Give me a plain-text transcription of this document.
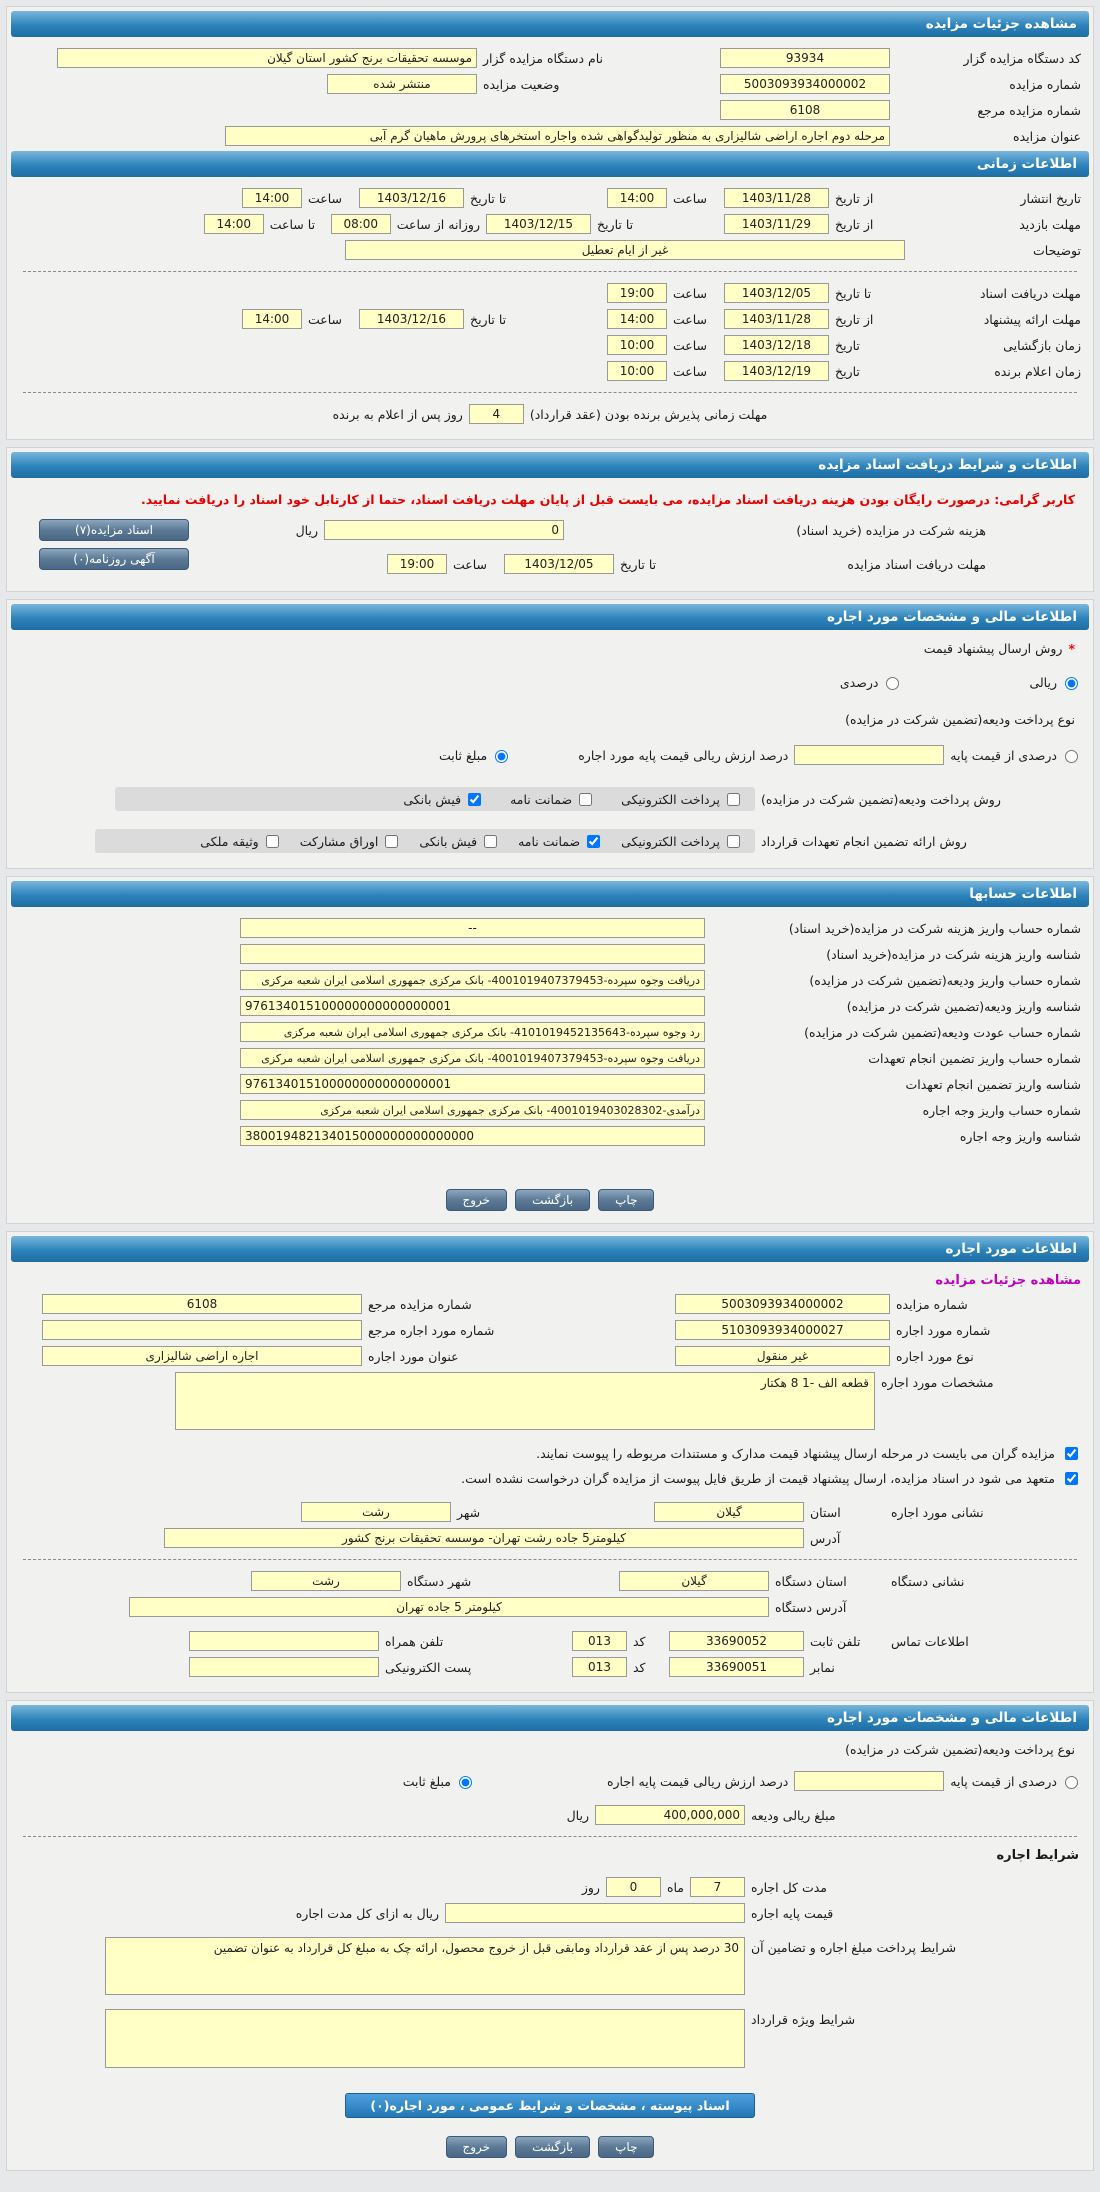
مشاهده جزئیات مزایده
کد دستگاه مزایده گزار
93934
نام دستگاه مزایده گزار
موسسه تحقیقات برنج کشور استان گیلان
شماره مزایده
5003093934000002
وضعیت مزایده
منتشر شده
شماره مزایده مرجع
6108
عنوان مزایده
مرحله دوم اجاره اراضی شالیزاری به منظور تولیدگواهی شده واجاره استخرهای پرورش ماهیان گرم آبی
اطلاعات زمانی
تاریخ انتشار
از تاریخ
1403/11/28
ساعت
14:00
تا تاریخ
1403/12/16
ساعت
14:00
مهلت بازدید
از تاریخ
1403/11/29
تا تاریخ
1403/12/15
روزانه از ساعت
08:00
تا ساعت
14:00
توضیحات
غیر از ایام تعطیل
مهلت دریافت اسناد
تا تاریخ
1403/12/05
ساعت
19:00
مهلت ارائه پیشنهاد
از تاریخ
1403/11/28
ساعت
14:00
تا تاریخ
1403/12/16
ساعت
14:00
زمان بازگشایی
تاریخ
1403/12/18
ساعت
10:00
زمان اعلام برنده
تاریخ
1403/12/19
ساعت
10:00
مهلت زمانی پذیرش برنده بودن (عقد قرارداد)
4
روز پس از اعلام به برنده
اطلاعات و شرایط دریافت اسناد مزایده
کاربر گرامی: درصورت رایگان بودن هزینه دریافت اسناد مزایده، می بایست قبل از پایان مهلت دریافت اسناد، حتما از کارتابل خود اسناد را دریافت نمایید.
هزینه شرکت در مزایده (خرید اسناد)
0
ریال
مهلت دریافت اسناد مزایده
تا تاریخ
1403/12/05
ساعت
19:00
اسناد مزایده(۷)
آگهی روزنامه(۰)
اطلاعات مالی و مشخصات مورد اجاره
*
روش ارسال پیشنهاد قیمت
ریالی
درصدی
نوع پرداخت ودیعه(تضمین شرکت در مزایده)
درصدی از قیمت پایه
درصد ارزش ریالی قیمت پایه مورد اجاره
مبلغ ثابت
روش پرداخت ودیعه(تضمین شرکت در مزایده)
پرداخت الکترونیکی
ضمانت نامه
فیش بانکی
روش ارائه تضمین انجام تعهدات قرارداد
پرداخت الکترونیکی
ضمانت نامه
فیش بانکی
اوراق مشارکت
وثیقه ملکی
اطلاعات حسابها
شماره حساب واریز هزینه شرکت در مزایده(خرید اسناد)
--
شناسه واریز هزینه شرکت در مزایده(خرید اسناد)
شماره حساب واریز ودیعه(تضمین شرکت در مزایده)
دریافت وجوه سپرده-4001019407379453- بانک مرکزی جمهوری اسلامی ایران شعبه مرکزی
شناسه واریز ودیعه(تضمین شرکت در مزایده)
976134015100000000000000001
شماره حساب عودت ودیعه(تضمین شرکت در مزایده)
رد وجوه سپرده-4101019452135643- بانک مرکزی جمهوری اسلامی ایران شعبه مرکزی
شماره حساب واریز تضمین انجام تعهدات
دریافت وجوه سپرده-4001019407379453- بانک مرکزی جمهوری اسلامی ایران شعبه مرکزی
شناسه واریز تضمین انجام تعهدات
976134015100000000000000001
شماره حساب واریز وجه اجاره
درآمدی-4001019403028302- بانک مرکزی جمهوری اسلامی ایران شعبه مرکزی
شناسه واریز وجه اجاره
380019482134015000000000000000
چاپ
بازگشت
خروج
اطلاعات مورد اجاره
مشاهده جزئیات مزایده
شماره مزایده
5003093934000002
شماره مزایده مرجع
6108
شماره مورد اجاره
5103093934000027
شماره مورد اجاره مرجع
نوع مورد اجاره
غیر منقول
عنوان مورد اجاره
اجاره اراضی شالیزاری
مشخصات مورد اجاره
قطعه الف -1 8 هکتار
مزایده گران می بایست در مرحله ارسال پیشنهاد قیمت مدارک و مستندات مربوطه را پیوست نمایند.
متعهد می شود در اسناد مزایده، ارسال پیشنهاد قیمت از طریق فایل پیوست از مزایده گران درخواست نشده است.
نشانی مورد اجاره
استان
گیلان
شهر
رشت
آدرس
کیلومتر5 جاده رشت تهران- موسسه تحقیقات برنج کشور
نشانی دستگاه
استان دستگاه
گیلان
شهر دستگاه
رشت
آدرس دستگاه
کیلومتر 5 جاده تهران
اطلاعات تماس
تلفن ثابت
33690052
کد
013
تلفن همراه
نمابر
33690051
کد
013
پست الکترونیکی
اطلاعات مالی و مشخصات مورد اجاره
نوع پرداخت ودیعه(تضمین شرکت در مزایده)
درصدی از قیمت پایه
درصد ارزش ریالی قیمت پایه اجاره
مبلغ ثابت
مبلغ ریالی ودیعه
400,000,000
ریال
شرایط اجاره
مدت کل اجاره
7
ماه
0
روز
قیمت پایه اجاره
ریال به ازای کل مدت اجاره
شرایط پرداخت مبلغ اجاره و تضامین آن
30 درصد پس از عقد قرارداد ومابقی قبل از خروج محصول، ارائه چک به مبلغ کل قرارداد به عنوان تضمین
شرایط ویژه قرارداد
اسناد پیوسته ، مشخصات و شرایط عمومی ، مورد اجاره(۰)
چاپ
بازگشت
خروج
